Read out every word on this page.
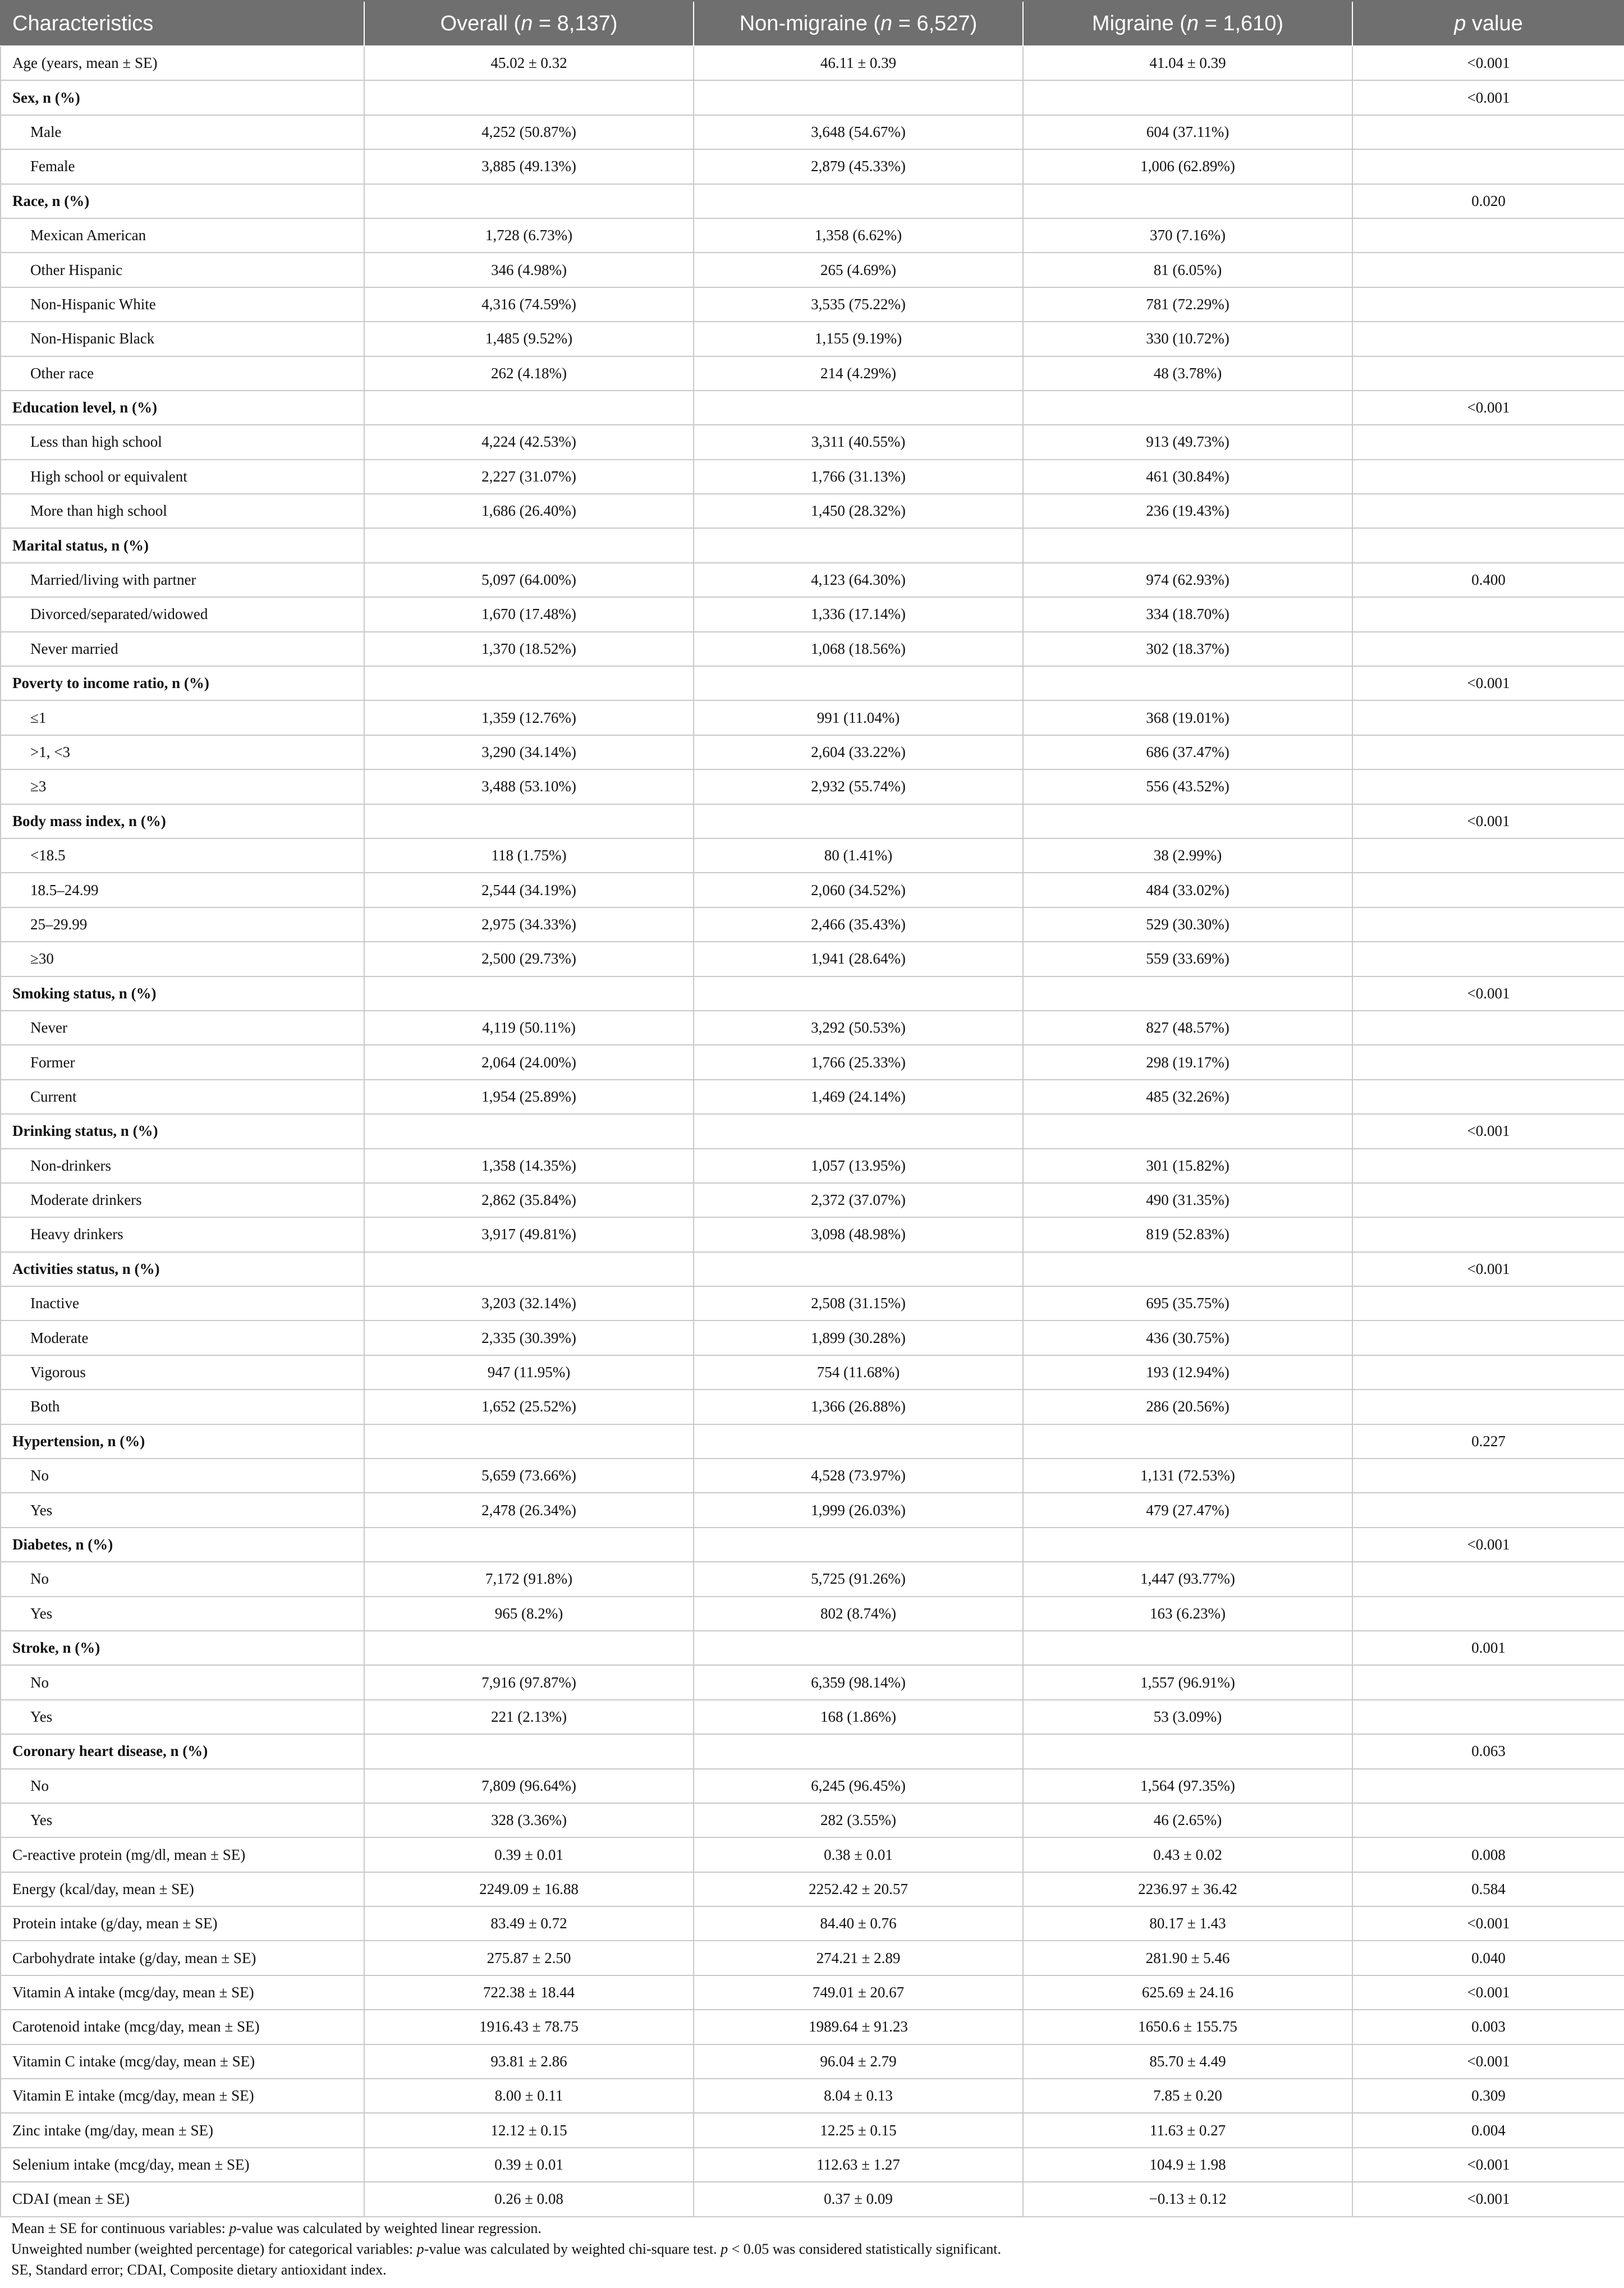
Characteristics	Overall (n = 8,137)	Non-migraine (n = 6,527)	Migraine (n = 1,610)	p value
Age (years, mean ± SE)	45.02 ± 0.32	46.11 ± 0.39	41.04 ± 0.39	<0.001
Sex, n (%)				<0.001
Male	4,252 (50.87%)	3,648 (54.67%)	604 (37.11%)	
Female	3,885 (49.13%)	2,879 (45.33%)	1,006 (62.89%)	
Race, n (%)				0.020
Mexican American	1,728 (6.73%)	1,358 (6.62%)	370 (7.16%)	
Other Hispanic	346 (4.98%)	265 (4.69%)	81 (6.05%)	
Non-Hispanic White	4,316 (74.59%)	3,535 (75.22%)	781 (72.29%)	
Non-Hispanic Black	1,485 (9.52%)	1,155 (9.19%)	330 (10.72%)	
Other race	262 (4.18%)	214 (4.29%)	48 (3.78%)	
Education level, n (%)				<0.001
Less than high school	4,224 (42.53%)	3,311 (40.55%)	913 (49.73%)	
High school or equivalent	2,227 (31.07%)	1,766 (31.13%)	461 (30.84%)	
More than high school	1,686 (26.40%)	1,450 (28.32%)	236 (19.43%)	
Marital status, n (%)				
Married/living with partner	5,097 (64.00%)	4,123 (64.30%)	974 (62.93%)	0.400
Divorced/separated/widowed	1,670 (17.48%)	1,336 (17.14%)	334 (18.70%)	
Never married	1,370 (18.52%)	1,068 (18.56%)	302 (18.37%)	
Poverty to income ratio, n (%)				<0.001
≤1	1,359 (12.76%)	991 (11.04%)	368 (19.01%)	
>1, <3	3,290 (34.14%)	2,604 (33.22%)	686 (37.47%)	
≥3	3,488 (53.10%)	2,932 (55.74%)	556 (43.52%)	
Body mass index, n (%)				<0.001
<18.5	118 (1.75%)	80 (1.41%)	38 (2.99%)	
18.5–24.99	2,544 (34.19%)	2,060 (34.52%)	484 (33.02%)	
25–29.99	2,975 (34.33%)	2,466 (35.43%)	529 (30.30%)	
≥30	2,500 (29.73%)	1,941 (28.64%)	559 (33.69%)	
Smoking status, n (%)				<0.001
Never	4,119 (50.11%)	3,292 (50.53%)	827 (48.57%)	
Former	2,064 (24.00%)	1,766 (25.33%)	298 (19.17%)	
Current	1,954 (25.89%)	1,469 (24.14%)	485 (32.26%)	
Drinking status, n (%)				<0.001
Non-drinkers	1,358 (14.35%)	1,057 (13.95%)	301 (15.82%)	
Moderate drinkers	2,862 (35.84%)	2,372 (37.07%)	490 (31.35%)	
Heavy drinkers	3,917 (49.81%)	3,098 (48.98%)	819 (52.83%)	
Activities status, n (%)				<0.001
Inactive	3,203 (32.14%)	2,508 (31.15%)	695 (35.75%)	
Moderate	2,335 (30.39%)	1,899 (30.28%)	436 (30.75%)	
Vigorous	947 (11.95%)	754 (11.68%)	193 (12.94%)	
Both	1,652 (25.52%)	1,366 (26.88%)	286 (20.56%)	
Hypertension, n (%)				0.227
No	5,659 (73.66%)	4,528 (73.97%)	1,131 (72.53%)	
Yes	2,478 (26.34%)	1,999 (26.03%)	479 (27.47%)	
Diabetes, n (%)				<0.001
No	7,172 (91.8%)	5,725 (91.26%)	1,447 (93.77%)	
Yes	965 (8.2%)	802 (8.74%)	163 (6.23%)	
Stroke, n (%)				0.001
No	7,916 (97.87%)	6,359 (98.14%)	1,557 (96.91%)	
Yes	221 (2.13%)	168 (1.86%)	53 (3.09%)	
Coronary heart disease, n (%)				0.063
No	7,809 (96.64%)	6,245 (96.45%)	1,564 (97.35%)	
Yes	328 (3.36%)	282 (3.55%)	46 (2.65%)	
C-reactive protein (mg/dl, mean ± SE)	0.39 ± 0.01	0.38 ± 0.01	0.43 ± 0.02	0.008
Energy (kcal/day, mean ± SE)	2249.09 ± 16.88	2252.42 ± 20.57	2236.97 ± 36.42	0.584
Protein intake (g/day, mean ± SE)	83.49 ± 0.72	84.40 ± 0.76	80.17 ± 1.43	<0.001
Carbohydrate intake (g/day, mean ± SE)	275.87 ± 2.50	274.21 ± 2.89	281.90 ± 5.46	0.040
Vitamin A intake (mcg/day, mean ± SE)	722.38 ± 18.44	749.01 ± 20.67	625.69 ± 24.16	<0.001
Carotenoid intake (mcg/day, mean ± SE)	1916.43 ± 78.75	1989.64 ± 91.23	1650.6 ± 155.75	0.003
Vitamin C intake (mcg/day, mean ± SE)	93.81 ± 2.86	96.04 ± 2.79	85.70 ± 4.49	<0.001
Vitamin E intake (mcg/day, mean ± SE)	8.00 ± 0.11	8.04 ± 0.13	7.85 ± 0.20	0.309
Zinc intake (mg/day, mean ± SE)	12.12 ± 0.15	12.25 ± 0.15	11.63 ± 0.27	0.004
Selenium intake (mcg/day, mean ± SE)	0.39 ± 0.01	112.63 ± 1.27	104.9 ± 1.98	<0.001
CDAI (mean ± SE)	0.26 ± 0.08	0.37 ± 0.09	−0.13 ± 0.12	<0.001
Mean ± SE for continuous variables: p-value was calculated by weighted linear regression.
Unweighted number (weighted percentage) for categorical variables: p-value was calculated by weighted chi-square test. p < 0.05 was considered statistically significant.
SE, Standard error; CDAI, Composite dietary antioxidant index.
